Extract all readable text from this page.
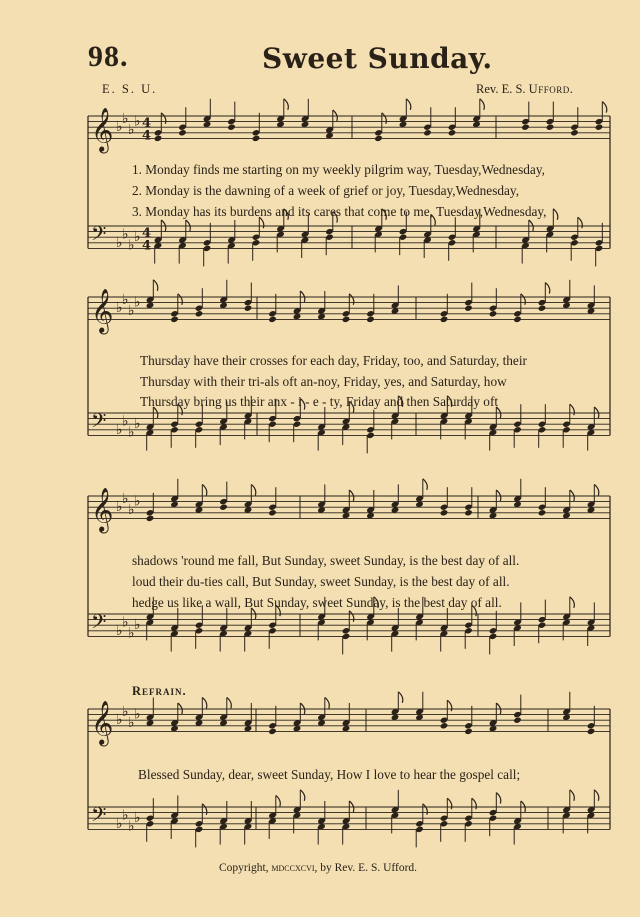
98.	Sweet Sunday.
E. S. U.	Rev. E. S. Ufford.
𝄞 ♭
♭
♭
♭ 4
4
𝄢 ♭
♭
♭
♭ 4
4
𝄞 ♭
♭
♭
♭
𝄢 ♭
♭
♭
♭
𝄞 ♭
♭
♭
♭
𝄢 ♭
♭
♭
♭
𝄞 ♭
♭
♭
♭
𝄢 ♭
♭
♭
♭
1. Monday finds me starting on my weekly pilgrim way, Tuesday,Wednesday,
2. Monday is the dawning of a week of grief or joy, Tuesday,Wednesday,
3. Monday has its burdens and its cares that come to me, Tuesday,Wednesday,
Thursday have their crosses for each day, Friday, too, and Saturday, their
Thursday with their tri-als oft an-noy, Friday, yes, and Saturday, how
Thursday bring us their anx - i - e - ty, Friday and then Saturday oft
shadows 'round me fall, But Sunday, sweet Sunday, is the best day of all.
loud their du-ties call, But Sunday, sweet Sunday, is the best day of all.
hedge us like a wall, But Sunday, sweet Sunday, is the best day of all.
Refrain.
Blessed Sunday, dear, sweet Sunday, How I love to hear the gospel call;
Copyright, mdccxcvi, by Rev. E. S. Ufford.
